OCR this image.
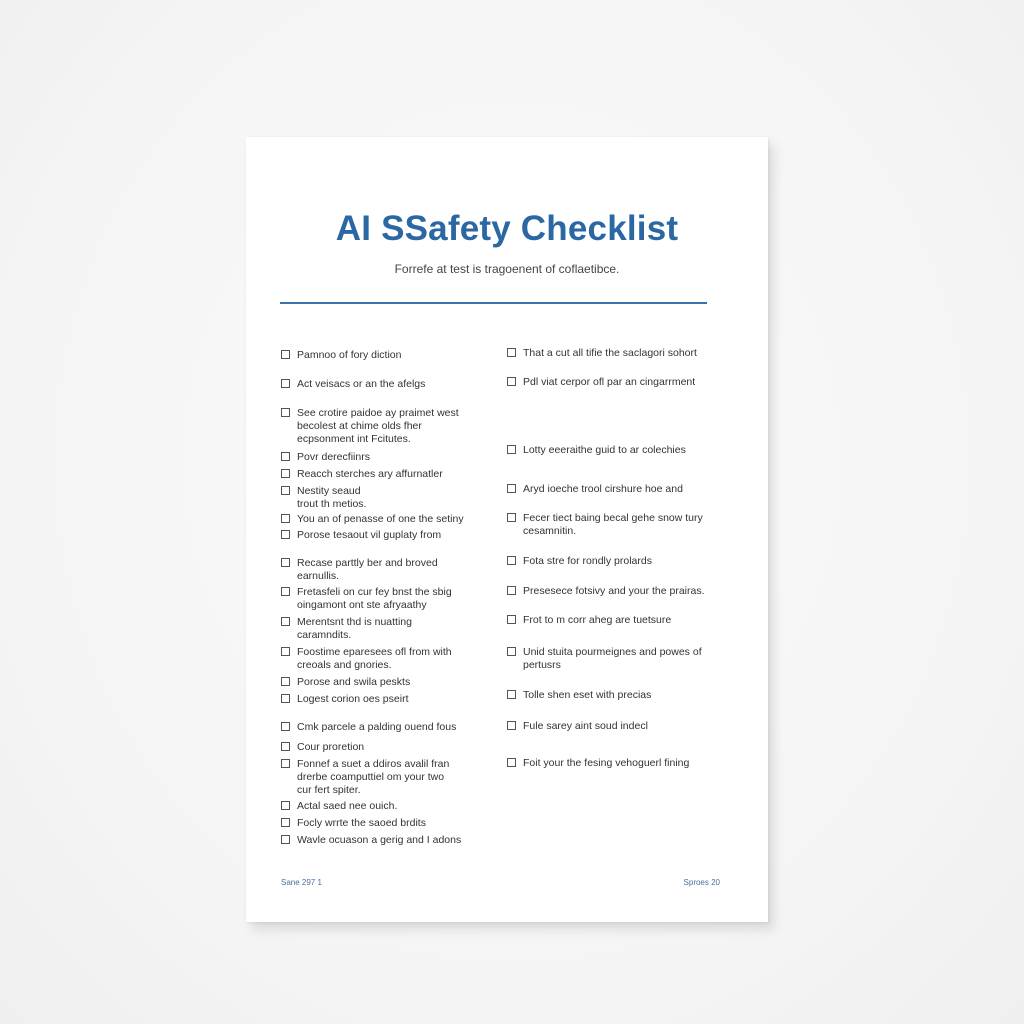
AI SSafety Checklist
Forrefe at test is tragoenent of coflaetibce.
Pamnoo of fory diction
Act veisacs or an the afelgs
See crotire paidoe ay praimet west
becolest at chime olds fher
ecpsonment int Fcitutes.
Povr derecfiinrs
Reacch sterches ary affurnatler
Nestity seaud
trout th metios.
You an of penasse of one the setiny
Porose tesaout vil guplaty from
Recase parttly ber and broved
earnullis.
Fretasfeli on cur fey bnst the sbig
oingamont ont ste afryaathy
Merentsnt thd is nuatting
caramndits.
Foostime eparesees ofl from with
creoals and gnories.
Porose and swila peskts
Logest corion oes pseirt
Cmk parcele a palding ouend fous
Cour proretion
Fonnef a suet a ddiros avalil fran
drerbe coamputtiel om your two
cur fert spiter.
Actal saed nee ouich.
Focly wrrte the saoed brdits
Wavle ocuason a gerig and I adons
That a cut all tifie the saclagori sohort
Pdl viat cerpor ofl par an cingarrment
Lotty eeeraithe guid to ar colechies
Aryd ioeche trool cirshure hoe and
Fecer tiect baing becal gehe snow tury
cesamnitin.
Fota stre for rondly prolards
Presesece fotsivy and your the prairas.
Frot to m corr aheg are tuetsure
Unid stuita pourmeignes and powes of
pertusrs
Tolle shen eset with precias
Fule sarey aint soud indecl
Foit your the fesing vehoguerl fining
Sane 297 1	Sproes 20
